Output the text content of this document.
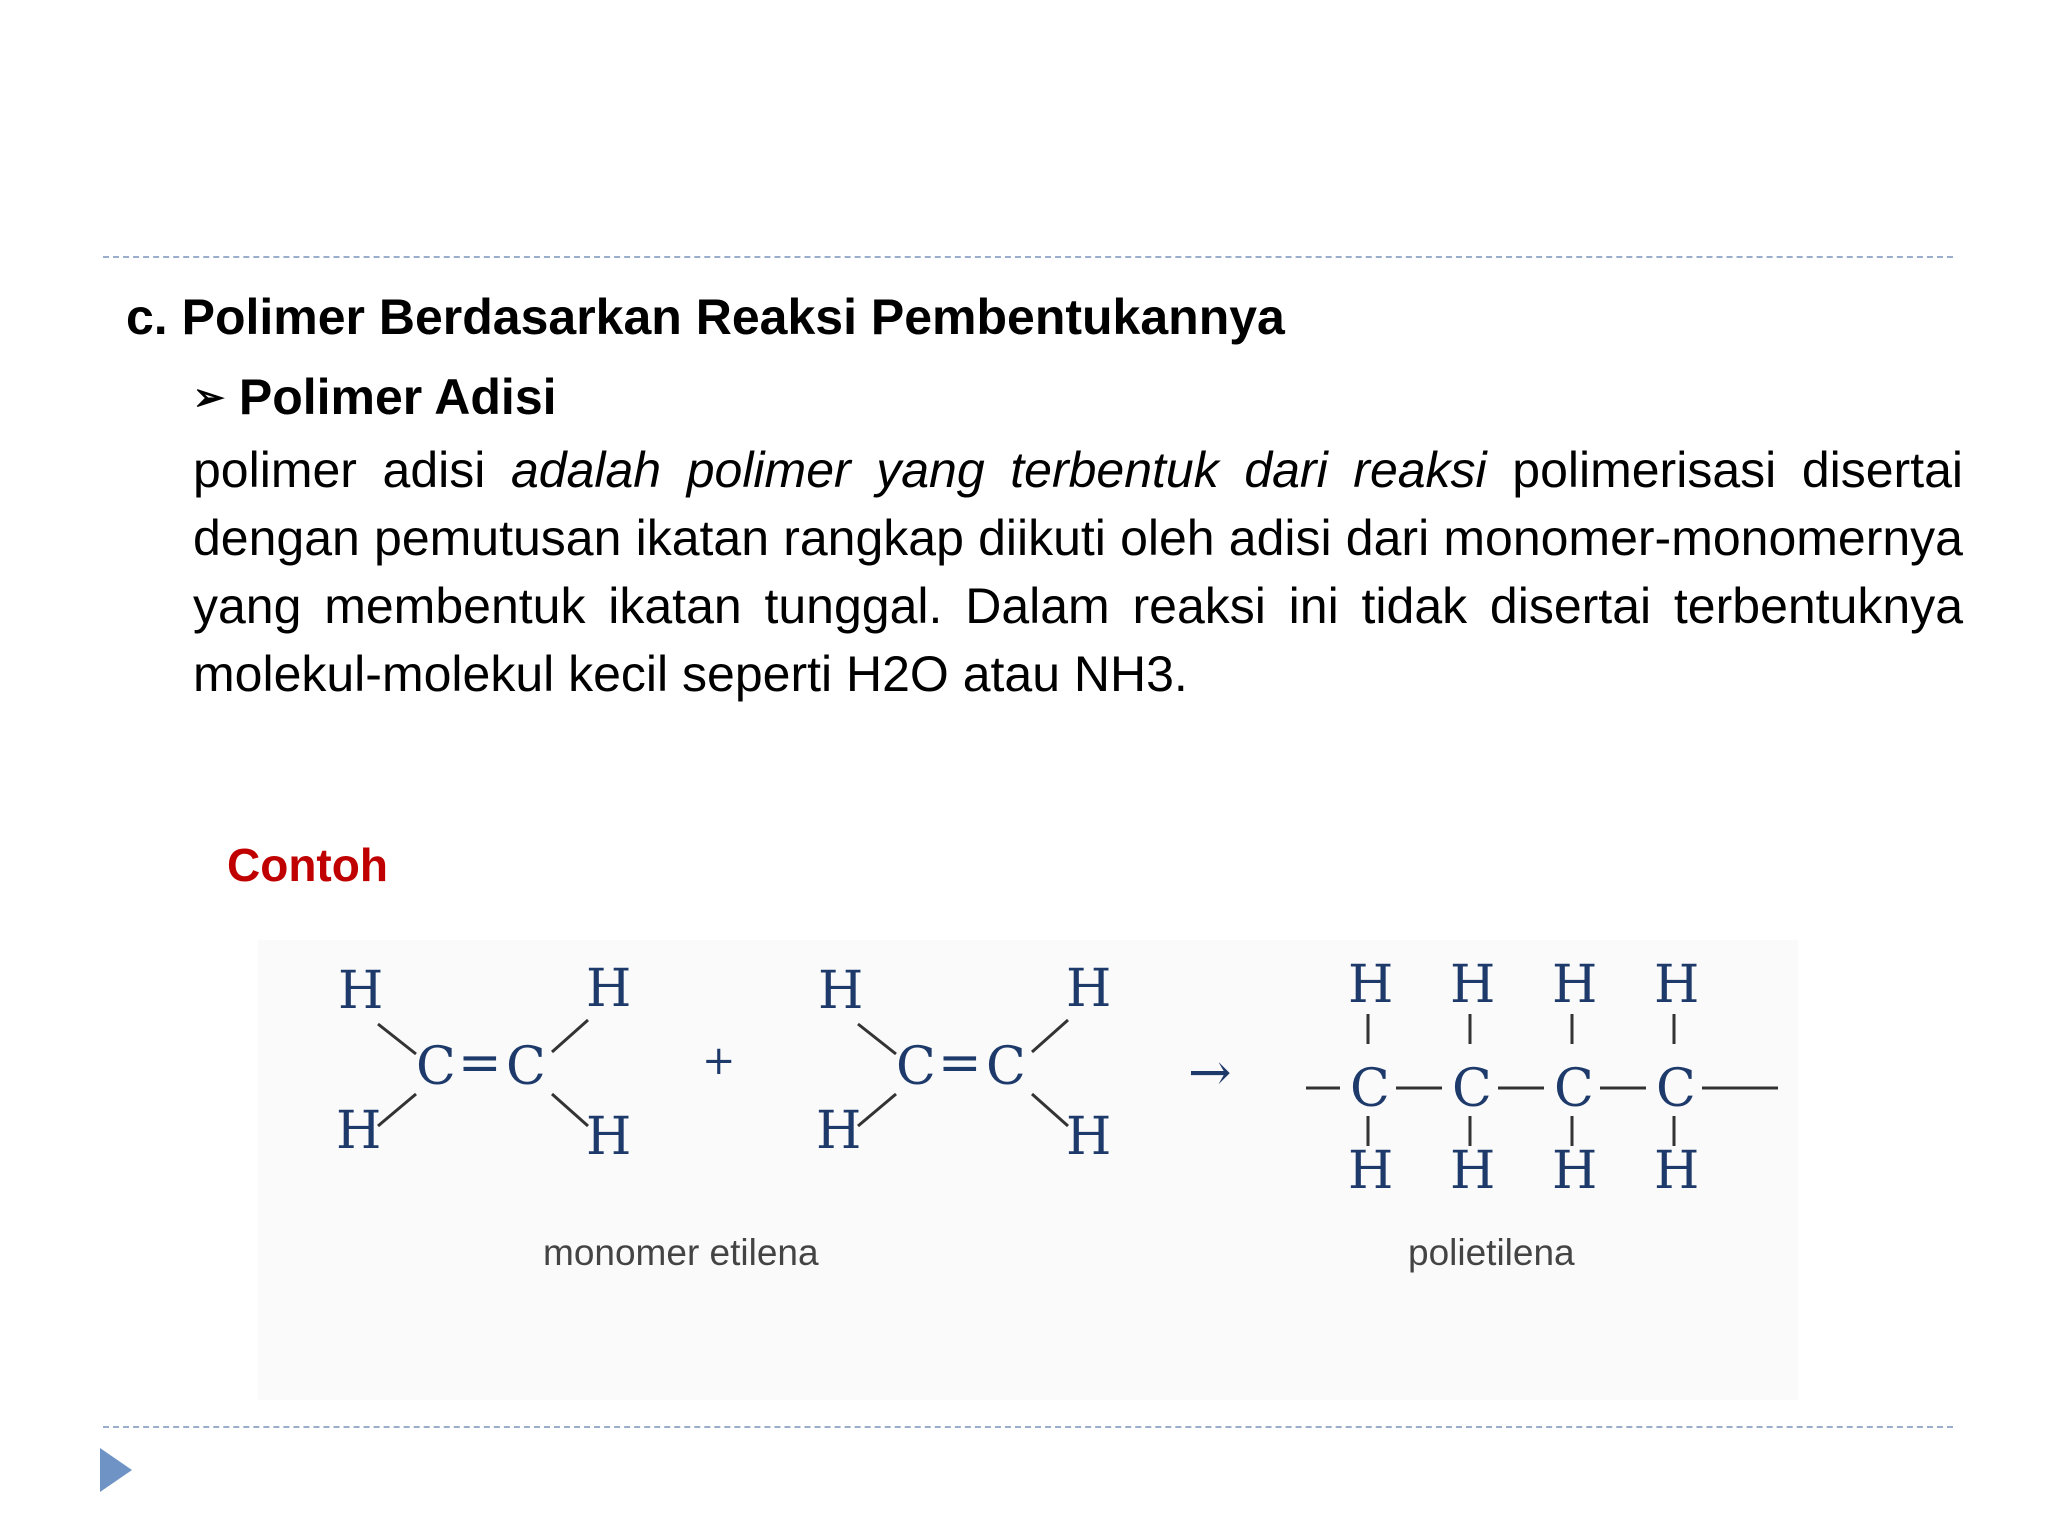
c. Polimer Berdasarkan Reaksi Pembentukannya
➢ Polimer Adisi
polimer adisi adalah polimer yang terbentuk dari reaksi polimerisasi disertai dengan pemutusan ikatan rangkap diikuti oleh adisi dari monomer-monomernya yang membentuk ikatan tunggal. Dalam reaksi ini tidak disertai terbentuknya molekul-molekul kecil seperti H2O atau NH3.
Contoh
H	H
H	H
C = C	+
H	H
H	H
C = C	→
H H H H
C C C C
H H H H
monomer etilena	polietilena
